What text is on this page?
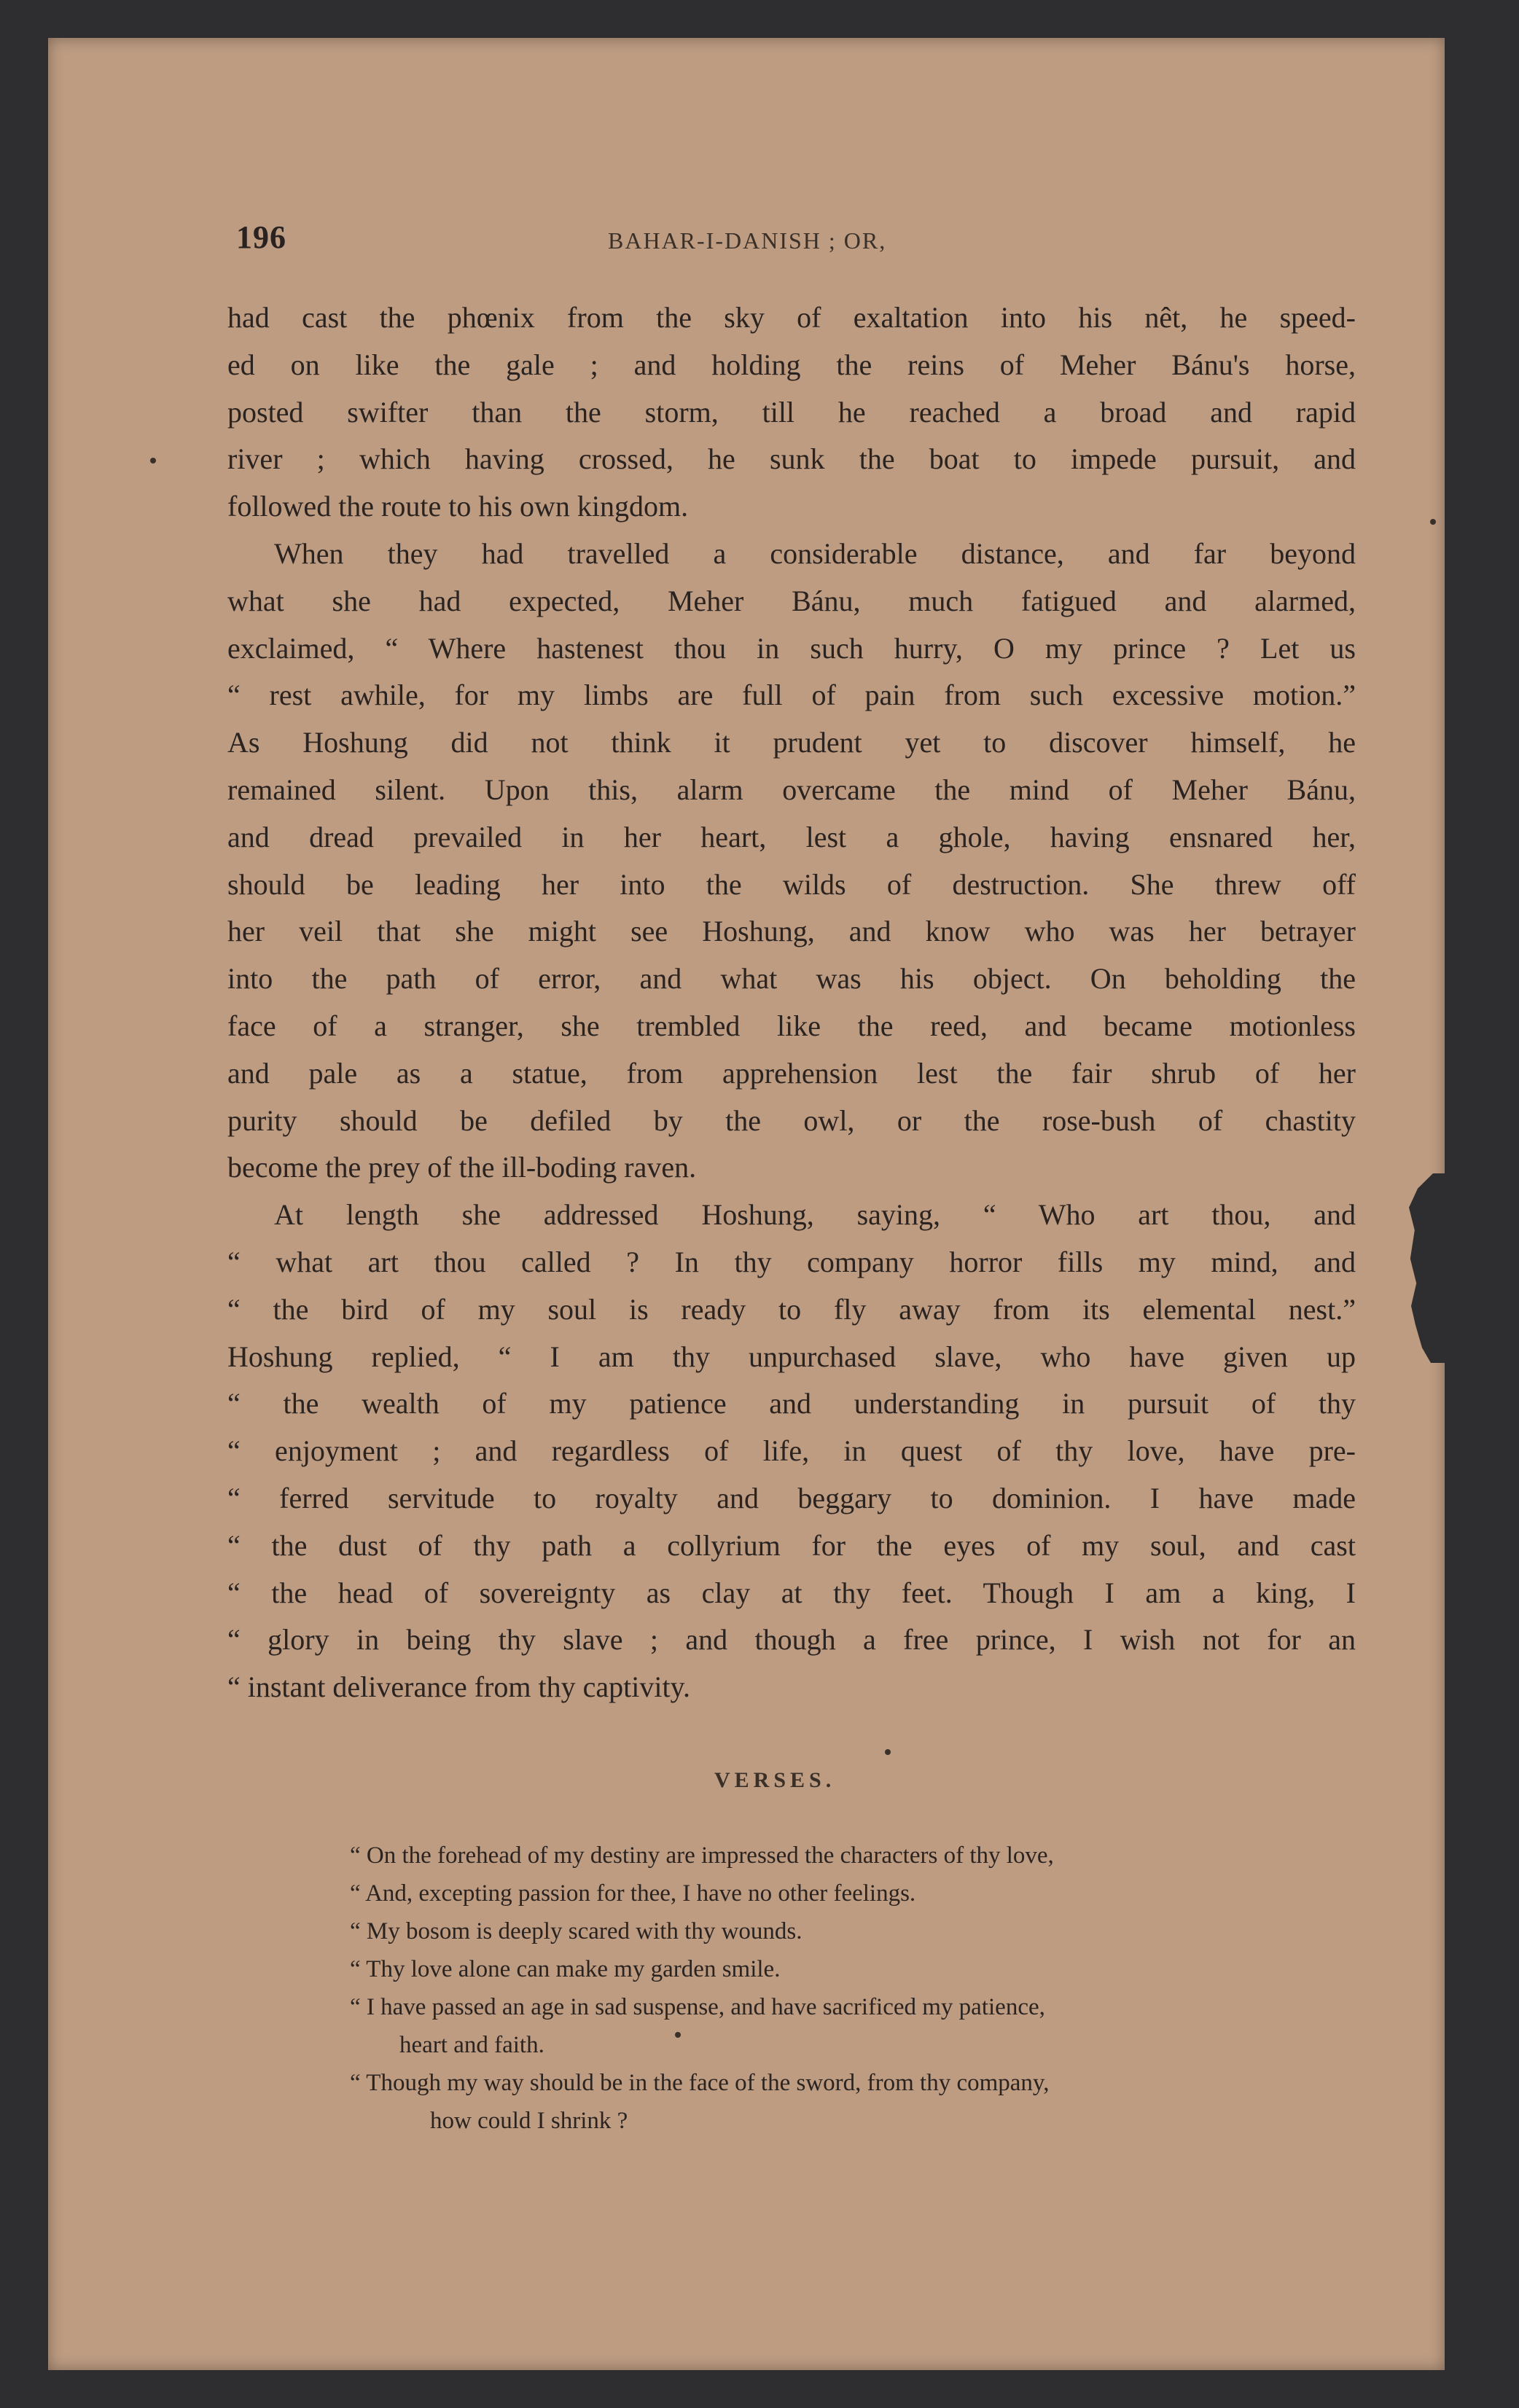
196	BAHAR-I-DANISH ; OR,
had cast the phœnix from the sky of exaltation into his nêt, he speed-
ed on like the gale ; and holding the reins of Meher Bánu's horse,
posted swifter than the storm, till he reached a broad and rapid
river ; which having crossed, he sunk the boat to impede pursuit, and
followed the route to his own kingdom.
When they had travelled a considerable distance, and far beyond
what she had expected, Meher Bánu, much fatigued and alarmed,
exclaimed, “ Where hastenest thou in such hurry, O my prince ? Let us
“ rest awhile, for my limbs are full of pain from such excessive motion.”
As Hoshung did not think it prudent yet to discover himself, he
remained silent. Upon this, alarm overcame the mind of Meher Bánu,
and dread prevailed in her heart, lest a ghole, having ensnared her,
should be leading her into the wilds of destruction. She threw off
her veil that she might see Hoshung, and know who was her betrayer
into the path of error, and what was his object. On beholding the
face of a stranger, she trembled like the reed, and became motionless
and pale as a statue, from apprehension lest the fair shrub of her
purity should be defiled by the owl, or the rose-bush of chastity
become the prey of the ill-boding raven.
At length she addressed Hoshung, saying, “ Who art thou, and
“ what art thou called ? In thy company horror fills my mind, and
“ the bird of my soul is ready to fly away from its elemental nest.”
Hoshung replied, “ I am thy unpurchased slave, who have given up
“ the wealth of my patience and understanding in pursuit of thy
“ enjoyment ; and regardless of life, in quest of thy love, have pre-
“ ferred servitude to royalty and beggary to dominion. I have made
“ the dust of thy path a collyrium for the eyes of my soul, and cast
“ the head of sovereignty as clay at thy feet. Though I am a king, I
“ glory in being thy slave ; and though a free prince, I wish not for an
“ instant deliverance from thy captivity.
VERSES.
“ On the forehead of my destiny are impressed the characters of thy love,
“ And, excepting passion for thee, I have no other feelings.
“ My bosom is deeply scared with thy wounds.
“ Thy love alone can make my garden smile.
“ I have passed an age in sad suspense, and have sacrificed my patience,
heart and faith.
“ Though my way should be in the face of the sword, from thy company,
how could I shrink ?
